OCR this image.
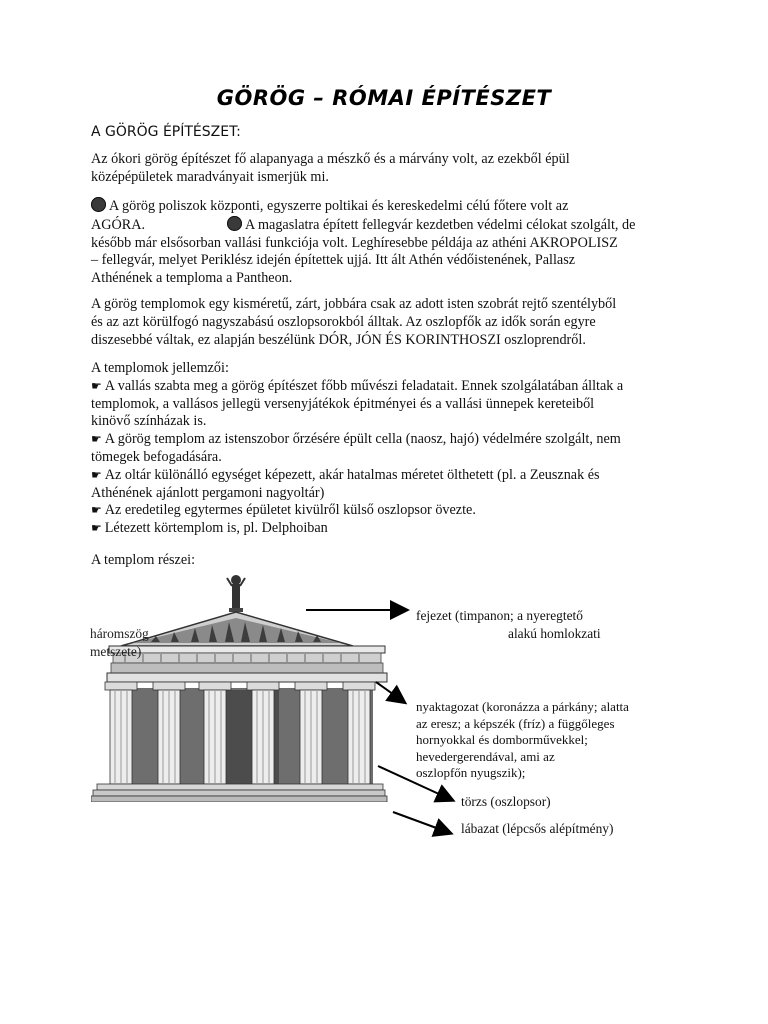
GÖRÖG – RÓMAI ÉPÍTÉSZET
A GÖRÖG ÉPÍTÉSZET:

Az ókori görög építészet fő alapanyaga a mészkő és a márvány volt, az ezekből épül
középépületek maradványait ismerjük mi.

A görög poliszok központi, egyszerre poltikai és kereskedelmi célú főtere volt az
AGÓRA.	A magaslatra épített fellegvár kezdetben védelmi célokat szolgált, de
később már elsősorban vallási funkciója volt. Leghíresebbe példája az athéni AKROPOLISZ
– fellegvár, melyet Periklész idején építettek ujjá. Itt ált Athén védőistenének, Pallasz
Athénének a temploma a Pantheon.

A görög templomok egy kisméretű, zárt, jobbára csak az adott isten szobrát rejtő szentélyből
és az azt körülfogó nagyszabású oszlopsorokból álltak. Az oszlopfők az idők során egyre
diszesebbé váltak, ez alapján beszélünk DÓR, JÓN ÉS KORINTHOSZI oszloprendről.

A templomok jellemzői:
☛ A vallás szabta meg a görög építészet főbb művészi feladatait. Ennek szolgálatában álltak a
templomok, a vallásos jellegü versenyjátékok épitményei és a vallási ünnepek kereteiből
kinövő színházak is.
☛ A görög templom az istenszobor őrzésére épült cella (naosz, hajó) védelmére szolgált, nem
tömegek befogadására.
☛ Az oltár különálló egységet képezett, akár hatalmas méretet ölthetett (pl. a Zeusznak és
Athénének ajánlott pergamoni nagyoltár)
☛ Az eredetileg egytermes épületet kivülről külső oszlopsor övezte.
☛ Létezett körtemplom is, pl. Delphoiban

A templom részei:

fejezet (timpanon; a nyeregtető

háromszög	alakú homlokzati

metszete)

nyaktagozat (koronázza a párkány; alatta
az eresz; a képszék (fríz) a függőleges
hornyokkal és domborművekkel;
hevedergerendával, ami az
oszlopfőn nyugszik);

törzs (oszlopsor)

lábazat (lépcsős alépítmény)
